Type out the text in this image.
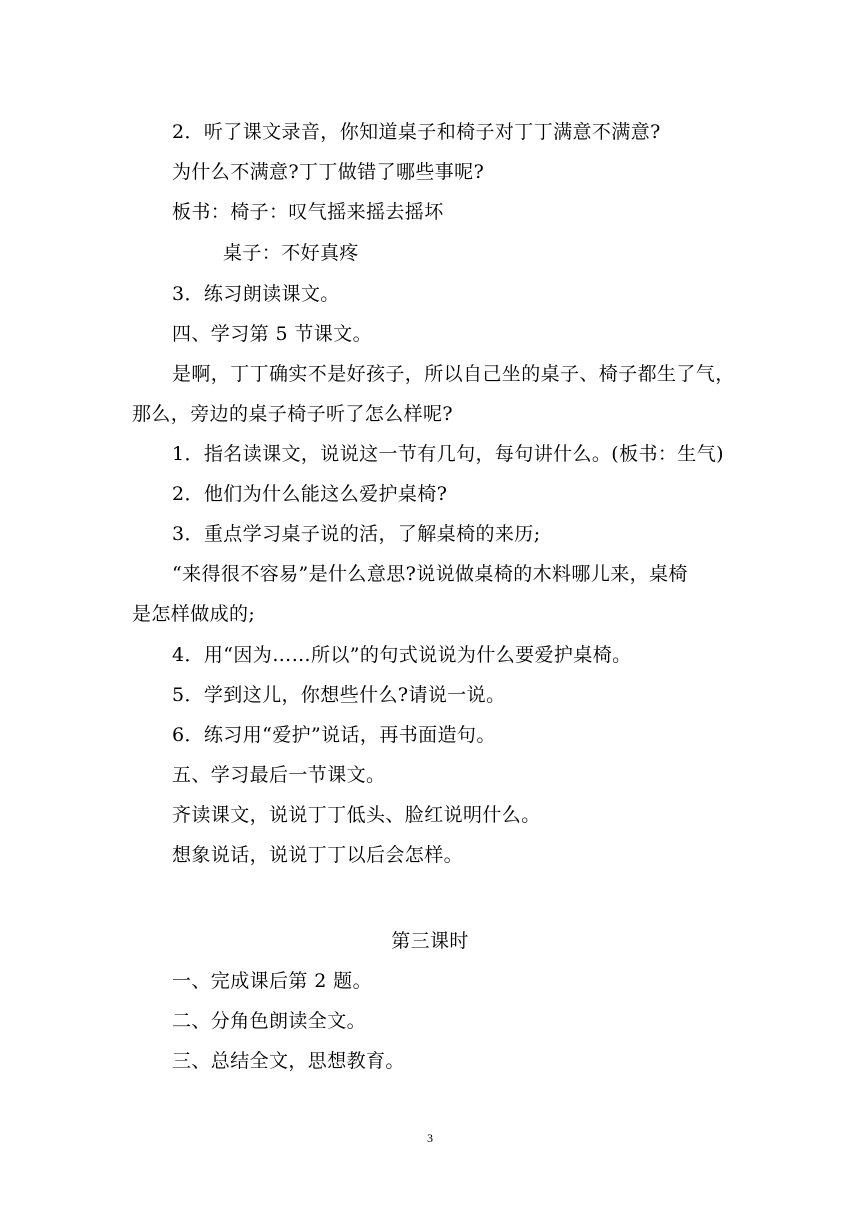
2．听了课文录音，你知道桌子和椅子对丁丁满意不满意?
为什么不满意?丁丁做错了哪些事呢?
板书：椅子：叹气摇来摇去摇坏
桌子：不好真疼
3．练习朗读课文。
四、学习第 5 节课文。
是啊，丁丁确实不是好孩子，所以自己坐的桌子、椅子都生了气，
那么，旁边的桌子椅子听了怎么样呢?
1．指名读课文，说说这一节有几句，每句讲什么。(板书：生气)
2．他们为什么能这么爱护桌椅?
3．重点学习桌子说的活，了解桌椅的来历;
“来得很不容易”是什么意思?说说做桌椅的木料哪儿来，桌椅
是怎样做成的;
4．用“因为……所以”的句式说说为什么要爱护桌椅。
5．学到这儿，你想些什么?请说一说。
6．练习用“爱护”说话，再书面造句。
五、学习最后一节课文。
齐读课文，说说丁丁低头、脸红说明什么。
想象说话，说说丁丁以后会怎样。
第三课时
一、完成课后第 2 题。
二、分角色朗读全文。
三、总结全文，思想教育。
3
